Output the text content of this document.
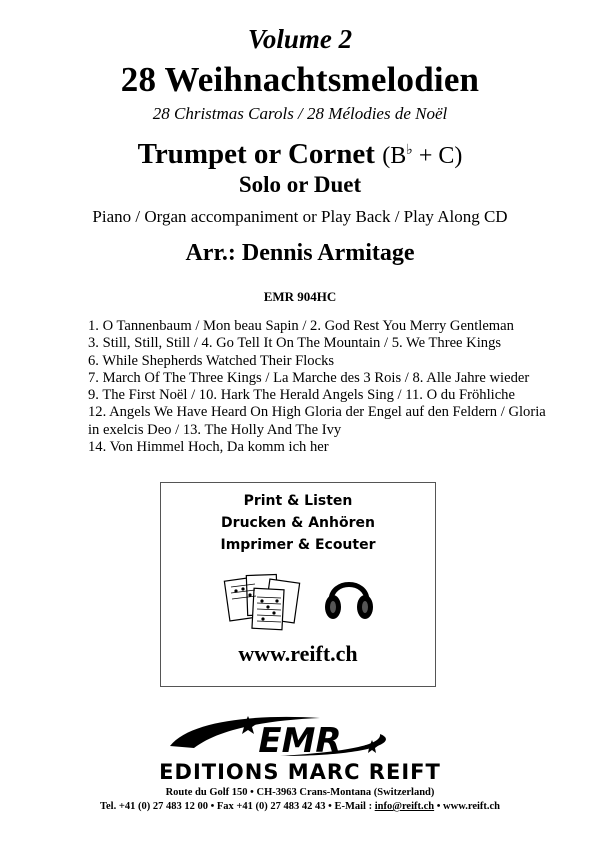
Volume 2
28 Weihnachtsmelodien
28 Christmas Carols / 28 Mélodies de Noël
Trumpet or Cornet (B♭ + C)
Solo or Duet
Piano / Organ accompaniment or Play Back / Play Along CD
Arr.: Dennis Armitage
EMR 904HC
1. O Tannenbaum / Mon beau Sapin / 2. God Rest You Merry Gentleman
3. Still, Still, Still / 4. Go Tell It On The Mountain / 5. We Three Kings
6. While Shepherds Watched Their Flocks
7. March Of The Three Kings / La Marche des 3 Rois / 8. Alle Jahre wieder
9. The First Noël / 10. Hark The Herald Angels Sing / 11. O du Fröhliche
12. Angels We Have Heard On High Gloria der Engel auf den Feldern / Gloria
in exelcis Deo / 13. The Holly And The Ivy
14. Von Himmel Hoch, Da komm ich her
Print & Listen
Drucken & Anhören
Imprimer & Ecouter
www.reift.ch
EMR
EDITIONS MARC REIFT
Route du Golf 150 • CH-3963 Crans-Montana (Switzerland)
Tel. +41 (0) 27 483 12 00 • Fax +41 (0) 27 483 42 43 • E-Mail : info@reift.ch • www.reift.ch
